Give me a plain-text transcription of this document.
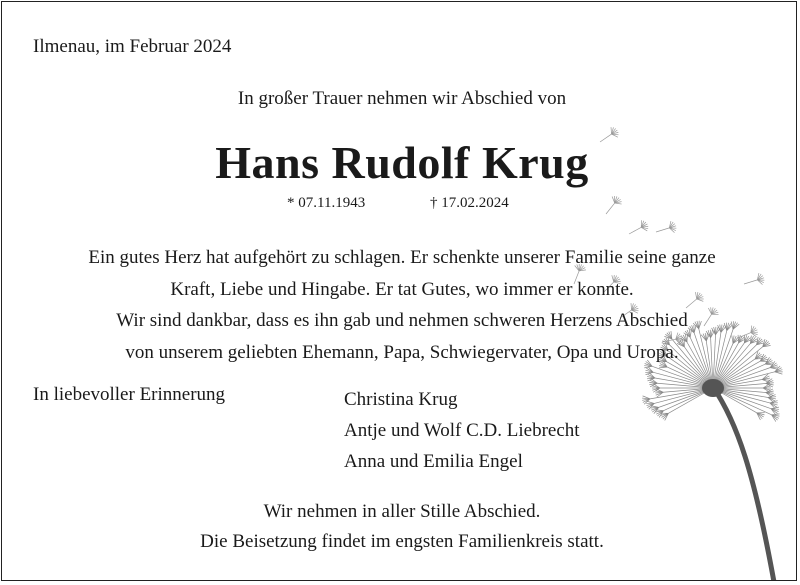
Ilmenau, im Februar 2024
In großer Trauer nehmen wir Abschied von
Hans Rudolf Krug
* 07.11.1943	† 17.02.2024
Ein gutes Herz hat aufgehört zu schlagen. Er schenkte unserer Familie seine ganze
Kraft, Liebe und Hingabe. Er tat Gutes, wo immer er konnte.
Wir sind dankbar, dass es ihn gab und nehmen schweren Herzens Abschied
von unserem geliebten Ehemann, Papa, Schwiegervater, Opa und Uropa.
In liebevoller Erinnerung	Christina Krug
Antje und Wolf C.D. Liebrecht
Anna und Emilia Engel
Wir nehmen in aller Stille Abschied.
Die Beisetzung findet im engsten Familienkreis statt.
